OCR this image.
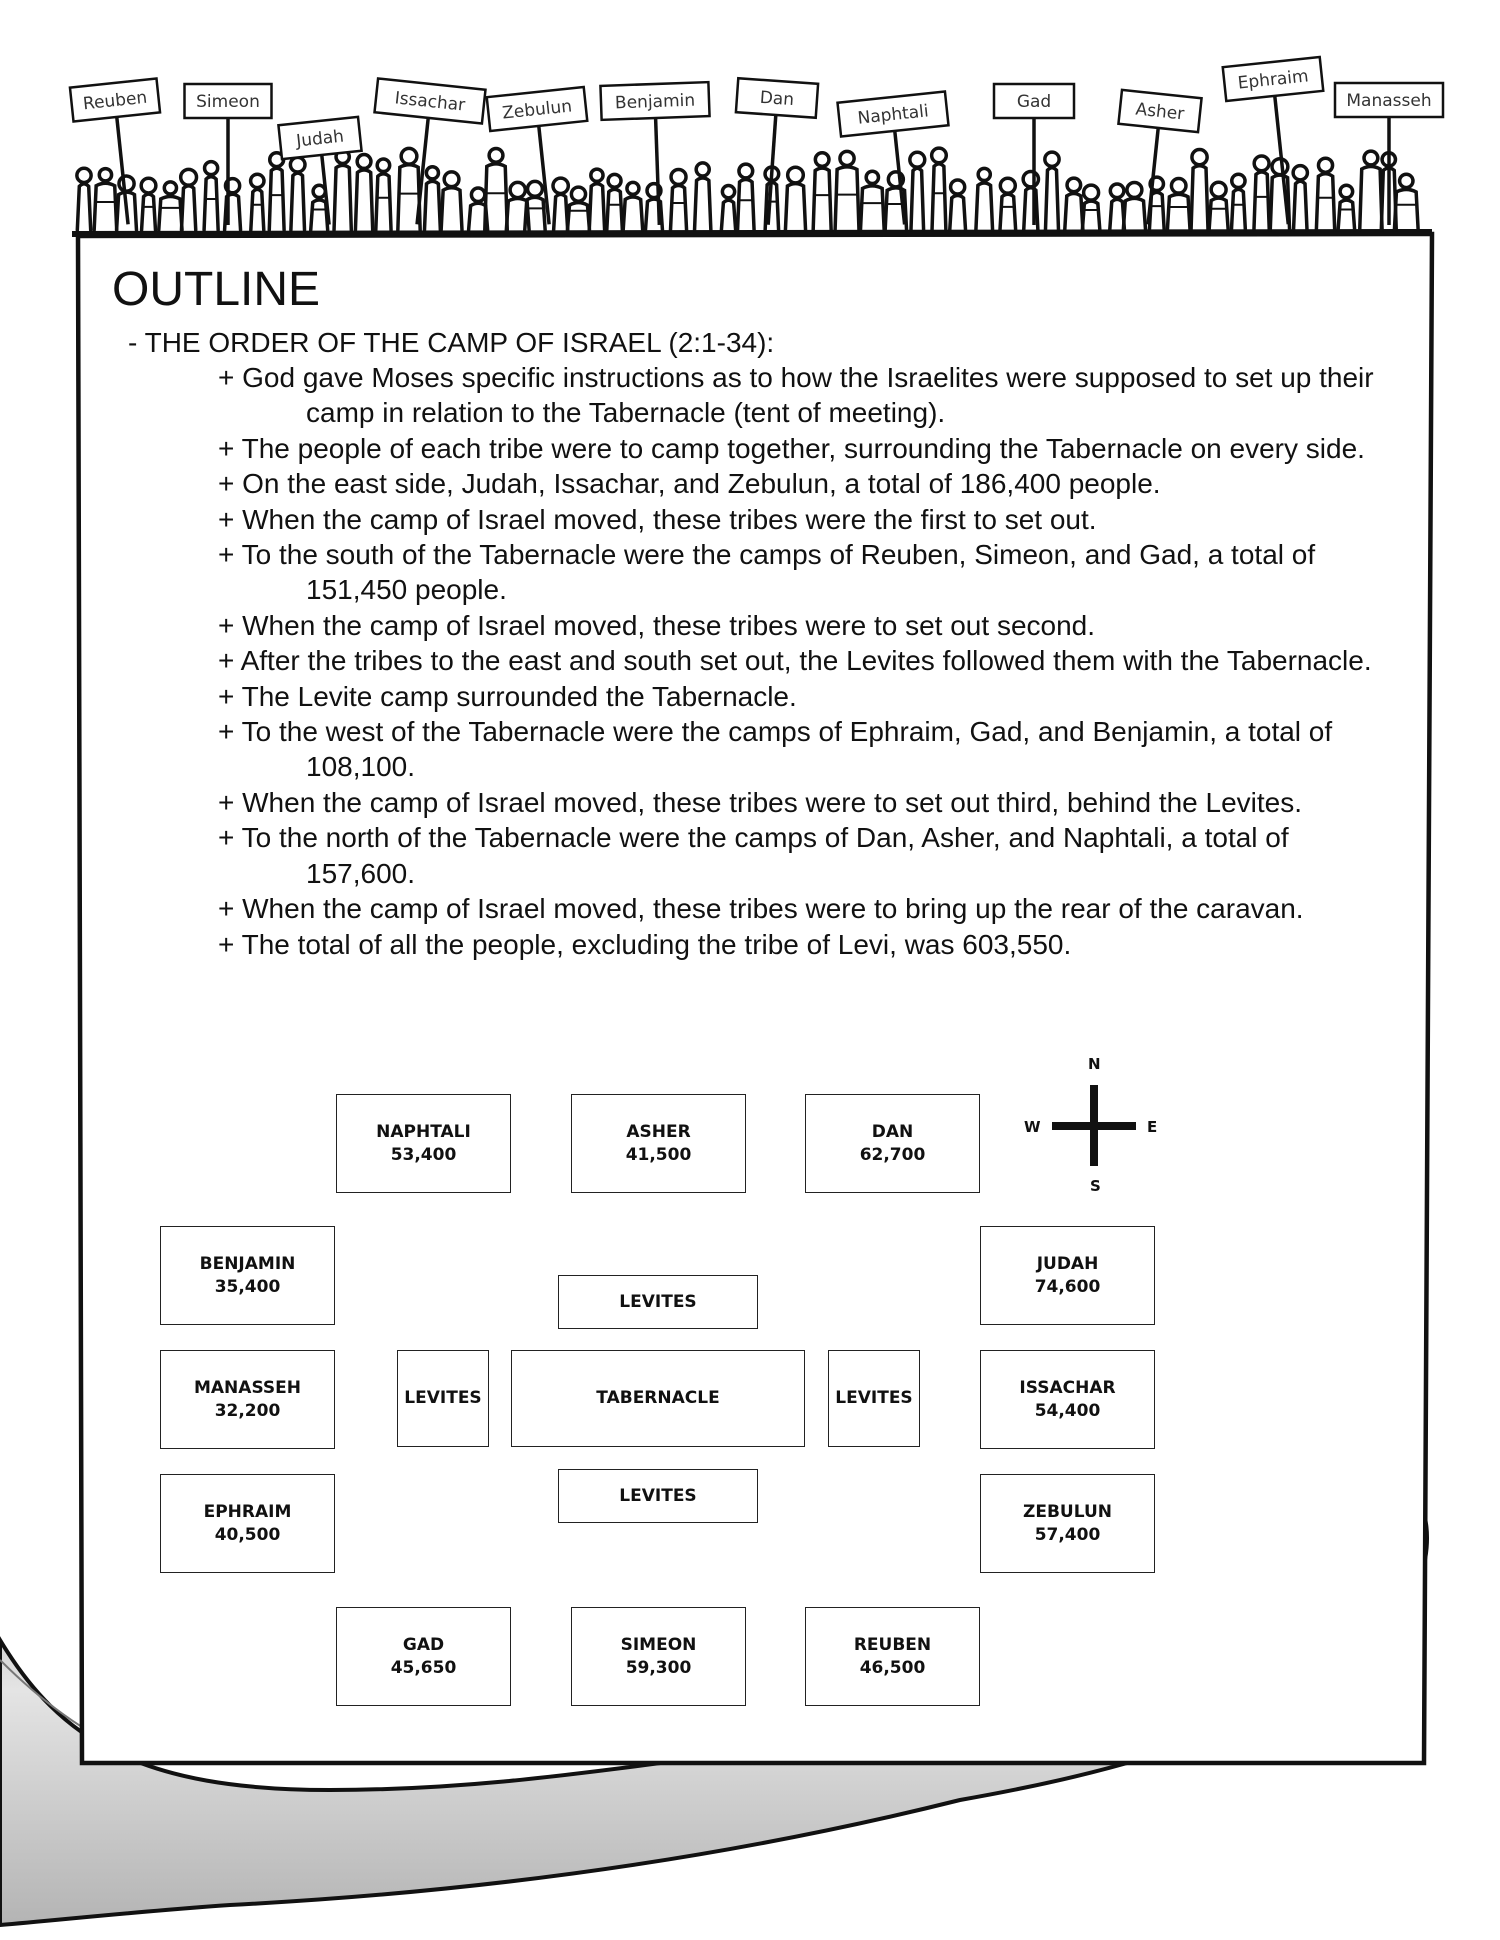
Reuben	Simeon
Judah
Issachar Zebulun Benjamin	Dan
Naphtali	Gad	Asher
Ephraim
Manasseh
OUTLINE
- THE ORDER OF THE CAMP OF ISRAEL (2:1-34):
+ God gave Moses specific instructions as to how the Israelites were supposed to set up their camp in relation to the Tabernacle (tent of meeting).
+ The people of each tribe were to camp together, surrounding the Tabernacle on every side.
+ On the east side, Judah, Issachar, and Zebulun, a total of 186,400 people.
+ When the camp of Israel moved, these tribes were the first to set out.
+ To the south of the Tabernacle were the camps of Reuben, Simeon, and Gad, a total of 151,450 people.
+ When the camp of Israel moved, these tribes were to set out second.
+ After the tribes to the east and south set out, the Levites followed them with the Tabernacle.
+ The Levite camp surrounded the Tabernacle.
+ To the west of the Tabernacle were the camps of Ephraim, Gad, and Benjamin, a total of 108,100.
+ When the camp of Israel moved, these tribes were to set out third, behind the Levites.
+ To the north of the Tabernacle were the camps of Dan, Asher, and Naphtali, a total of 157,600.
+ When the camp of Israel moved, these tribes were to bring up the rear of the caravan.
+ The total of all the people, excluding the tribe of Levi, was 603,550.
N
S
E
W
NAPHTALI
53,400
ASHER
41,500
DAN
62,700
BENJAMIN
35,400
JUDAH
74,600
LEVITES
MANASSEH
32,200
LEVITES	TABERNACLE	LEVITES
ISSACHAR
54,400
LEVITES
EPHRAIM
40,500
ZEBULUN
57,400
GAD
45,650
SIMEON
59,300
REUBEN
46,500
